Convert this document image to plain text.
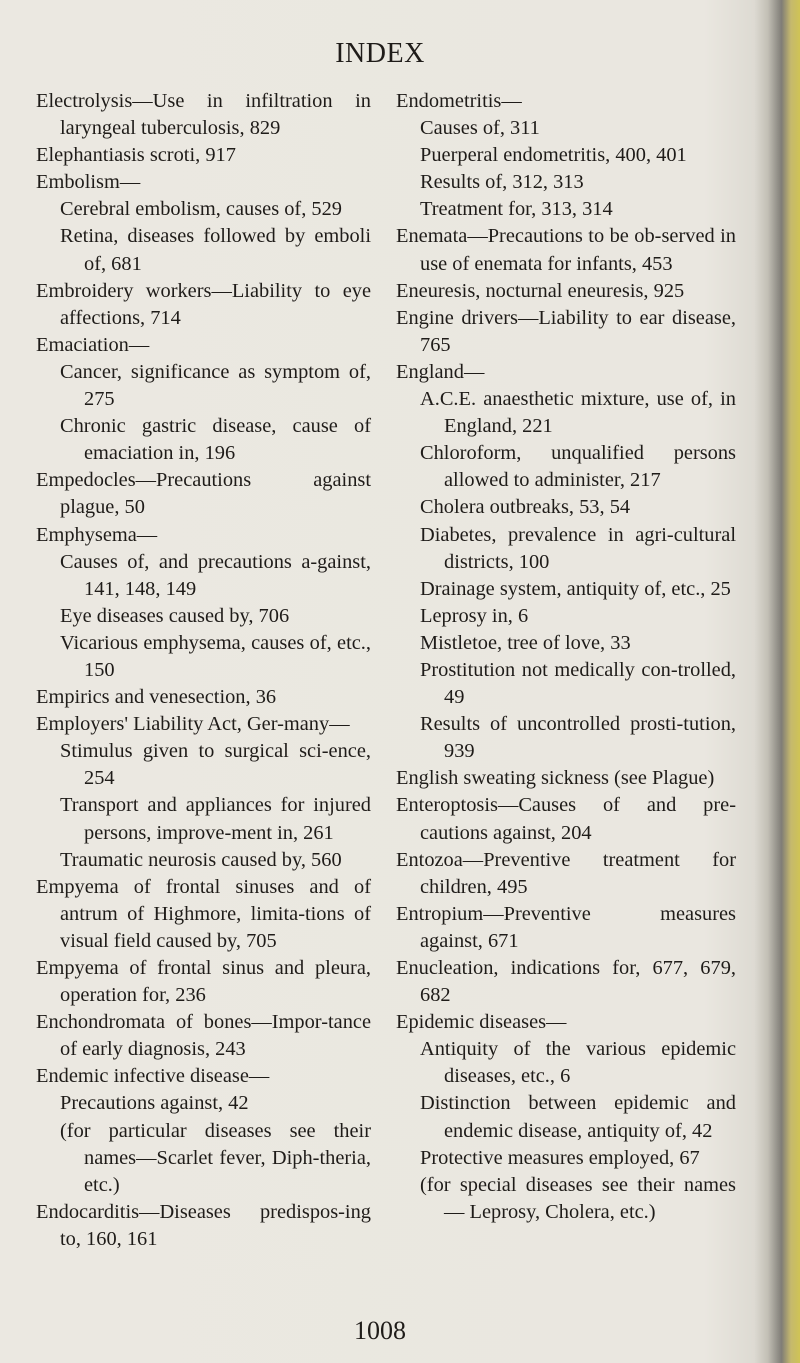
INDEX
Electrolysis—Use in infiltration in laryngeal tuberculosis, 829
Elephantiasis scroti, 917
Embolism—
Cerebral embolism, causes of, 529
Retina, diseases followed by emboli of, 681
Embroidery workers—Liability to eye affections, 714
Emaciation—
Cancer, significance as symptom of, 275
Chronic gastric disease, cause of emaciation in, 196
Empedocles—Precautions against plague, 50
Emphysema—
Causes of, and precautions a-gainst, 141, 148, 149
Eye diseases caused by, 706
Vicarious emphysema, causes of, etc., 150
Empirics and venesection, 36
Employers' Liability Act, Ger-many—
Stimulus given to surgical sci-ence, 254
Transport and appliances for injured persons, improve-ment in, 261
Traumatic neurosis caused by, 560
Empyema of frontal sinuses and of antrum of Highmore, limita-tions of visual field caused by, 705
Empyema of frontal sinus and pleura, operation for, 236
Enchondromata of bones—Impor-tance of early diagnosis, 243
Endemic infective disease—
Precautions against, 42
(for particular diseases see their names—Scarlet fever, Diph-theria, etc.)
Endocarditis—Diseases predispos-ing to, 160, 161
Endometritis—
Causes of, 311
Puerperal endometritis, 400, 401
Results of, 312, 313
Treatment for, 313, 314
Enemata—Precautions to be ob-served in use of enemata for infants, 453
Eneuresis, nocturnal eneuresis, 925
Engine drivers—Liability to ear disease, 765
England—
A.C.E. anaesthetic mixture, use of, in England, 221
Chloroform, unqualified persons allowed to administer, 217
Cholera outbreaks, 53, 54
Diabetes, prevalence in agri-cultural districts, 100
Drainage system, antiquity of, etc., 25
Leprosy in, 6
Mistletoe, tree of love, 33
Prostitution not medically con-trolled, 49
Results of uncontrolled prosti-tution, 939
English sweating sickness (see Plague)
Enteroptosis—Causes of and pre-cautions against, 204
Entozoa—Preventive treatment for children, 495
Entropium—Preventive measures against, 671
Enucleation, indications for, 677, 679, 682
Epidemic diseases—
Antiquity of the various epidemic diseases, etc., 6
Distinction between epidemic and endemic disease, antiquity of, 42
Protective measures employed, 67
(for special diseases see their names — Leprosy, Cholera, etc.)
1008
